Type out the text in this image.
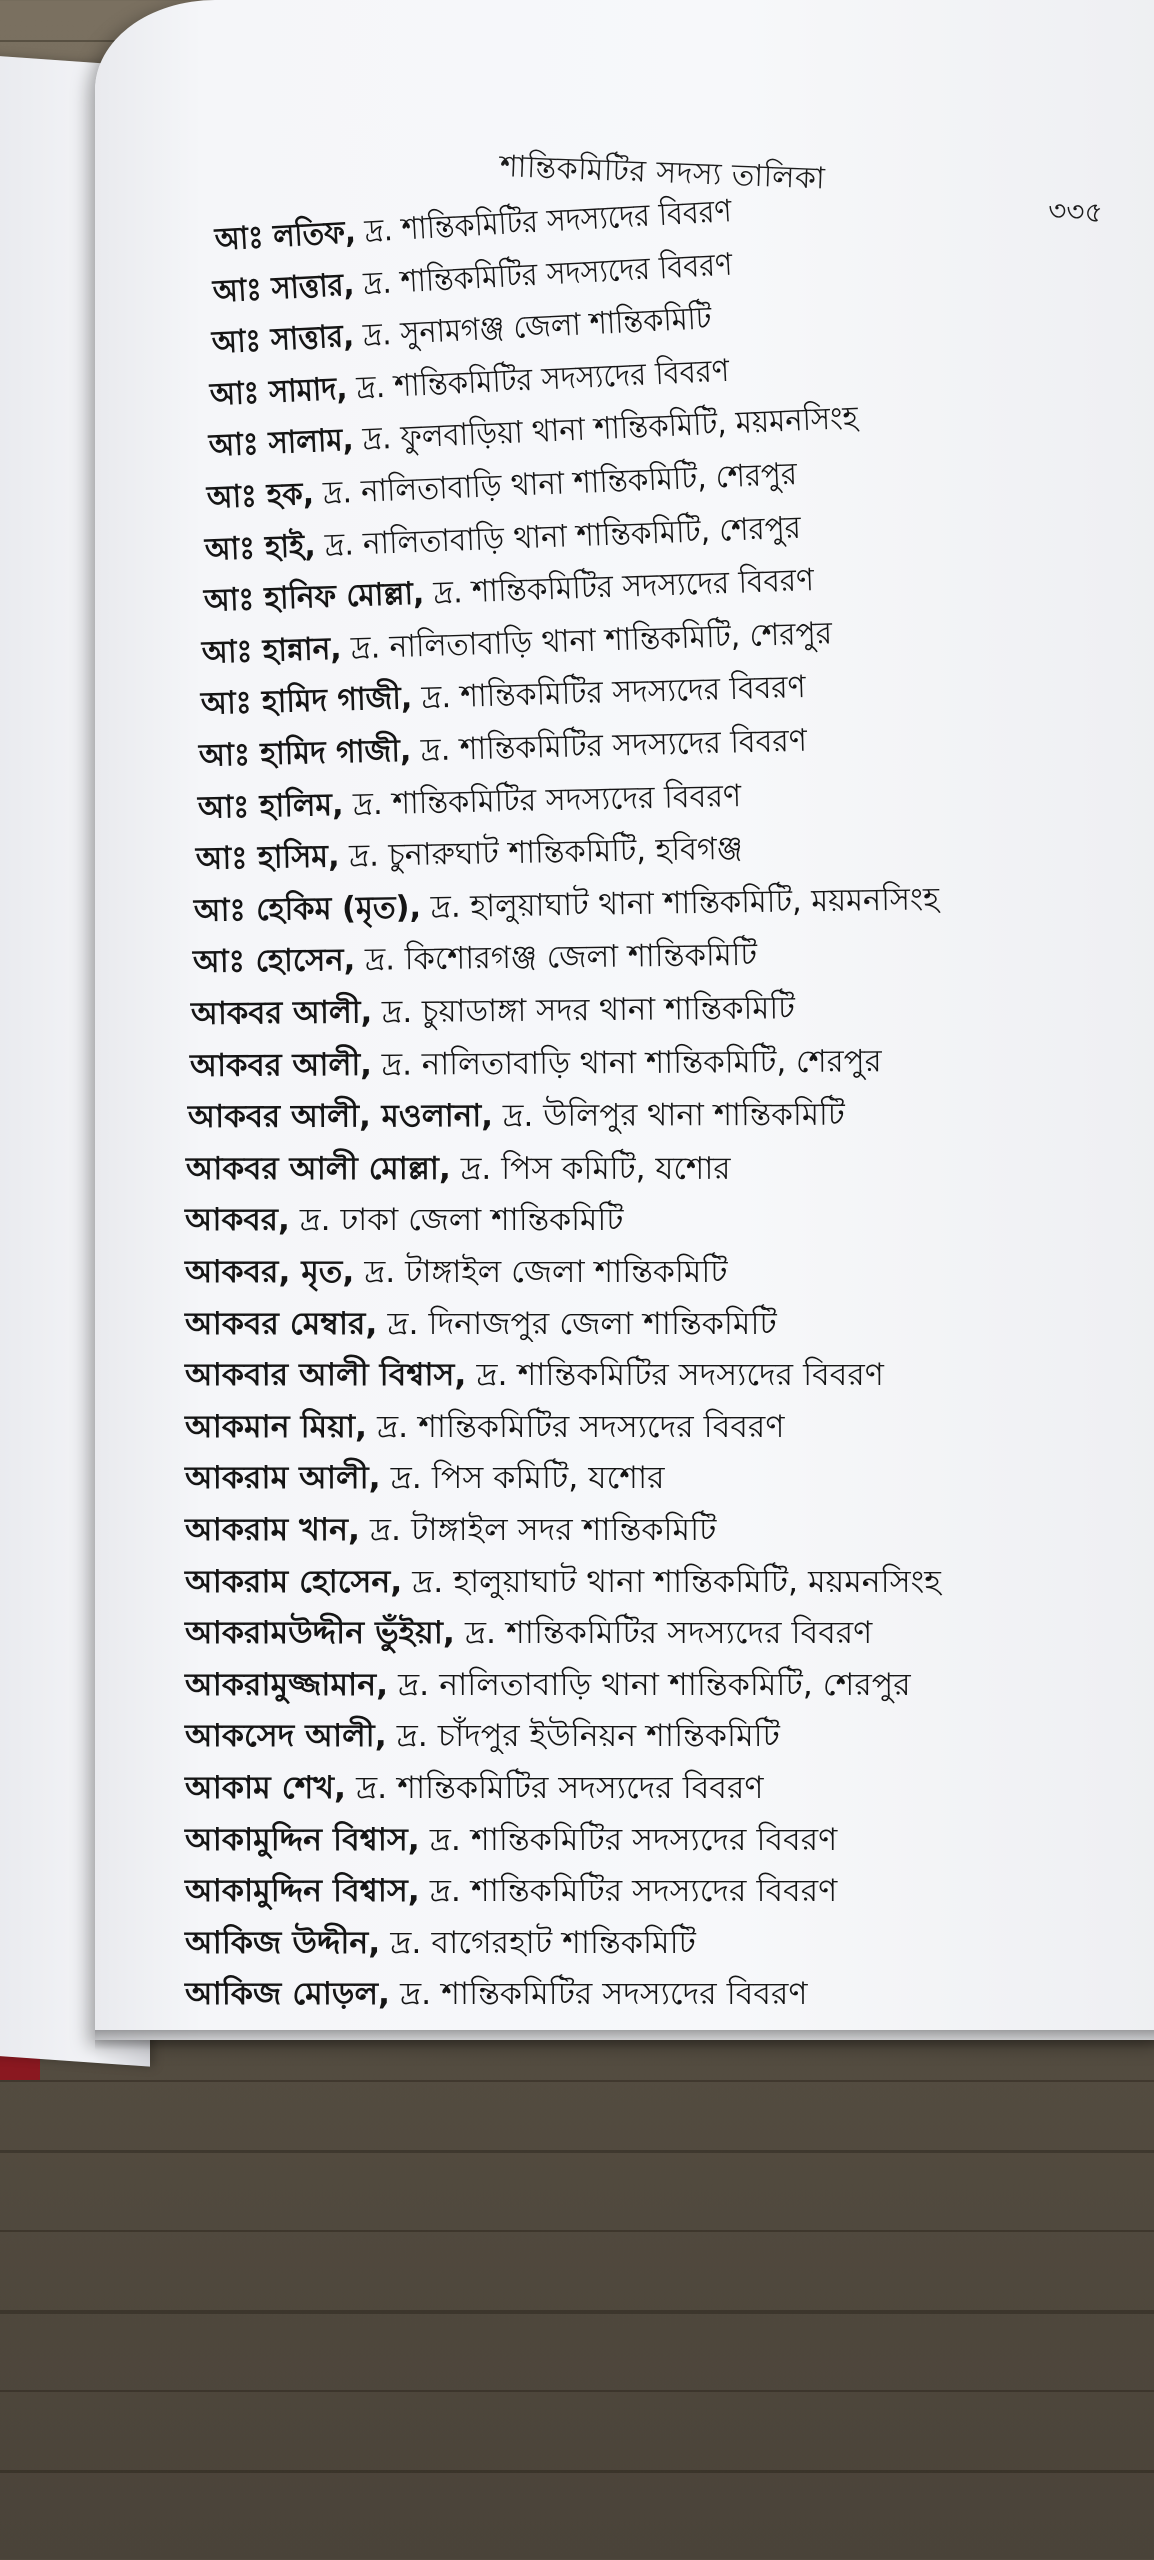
শান্তিকমিটির সদস্য তালিকা
৩৩৫
আঃ লতিফ, দ্র. শান্তিকমিটির সদস্যদের বিবরণ
আঃ সাত্তার, দ্র. শান্তিকমিটির সদস্যদের বিবরণ
আঃ সাত্তার, দ্র. সুনামগঞ্জ জেলা শান্তিকমিটি
আঃ সামাদ, দ্র. শান্তিকমিটির সদস্যদের বিবরণ
আঃ সালাম, দ্র. ফুলবাড়িয়া থানা শান্তিকমিটি, ময়মনসিংহ
আঃ হক, দ্র. নালিতাবাড়ি থানা শান্তিকমিটি, শেরপুর
আঃ হাই, দ্র. নালিতাবাড়ি থানা শান্তিকমিটি, শেরপুর
আঃ হানিফ মোল্লা, দ্র. শান্তিকমিটির সদস্যদের বিবরণ
আঃ হান্নান, দ্র. নালিতাবাড়ি থানা শান্তিকমিটি, শেরপুর
আঃ হামিদ গাজী, দ্র. শান্তিকমিটির সদস্যদের বিবরণ
আঃ হামিদ গাজী, দ্র. শান্তিকমিটির সদস্যদের বিবরণ
আঃ হালিম, দ্র. শান্তিকমিটির সদস্যদের বিবরণ
আঃ হাসিম, দ্র. চুনারুঘাট শান্তিকমিটি, হবিগঞ্জ
আঃ হেকিম (মৃত), দ্র. হালুয়াঘাট থানা শান্তিকমিটি, ময়মনসিংহ
আঃ হোসেন, দ্র. কিশোরগঞ্জ জেলা শান্তিকমিটি
আকবর আলী, দ্র. চুয়াডাঙ্গা সদর থানা শান্তিকমিটি
আকবর আলী, দ্র. নালিতাবাড়ি থানা শান্তিকমিটি, শেরপুর
আকবর আলী, মওলানা, দ্র. উলিপুর থানা শান্তিকমিটি
আকবর আলী মোল্লা, দ্র. পিস কমিটি, যশোর
আকবর, দ্র. ঢাকা জেলা শান্তিকমিটি
আকবর, মৃত, দ্র. টাঙ্গাইল জেলা শান্তিকমিটি
আকবর মেম্বার, দ্র. দিনাজপুর জেলা শান্তিকমিটি
আকবার আলী বিশ্বাস, দ্র. শান্তিকমিটির সদস্যদের বিবরণ
আকমান মিয়া, দ্র. শান্তিকমিটির সদস্যদের বিবরণ
আকরাম আলী, দ্র. পিস কমিটি, যশোর
আকরাম খান, দ্র. টাঙ্গাইল সদর শান্তিকমিটি
আকরাম হোসেন, দ্র. হালুয়াঘাট থানা শান্তিকমিটি, ময়মনসিংহ
আকরামউদ্দীন ভুঁইয়া, দ্র. শান্তিকমিটির সদস্যদের বিবরণ
আকরামুজ্জামান, দ্র. নালিতাবাড়ি থানা শান্তিকমিটি, শেরপুর
আকসেদ আলী, দ্র. চাঁদপুর ইউনিয়ন শান্তিকমিটি
আকাম শেখ, দ্র. শান্তিকমিটির সদস্যদের বিবরণ
আকামুদ্দিন বিশ্বাস, দ্র. শান্তিকমিটির সদস্যদের বিবরণ
আকামুদ্দিন বিশ্বাস, দ্র. শান্তিকমিটির সদস্যদের বিবরণ
আকিজ উদ্দীন, দ্র. বাগেরহাট শান্তিকমিটি
আকিজ মোড়ল, দ্র. শান্তিকমিটির সদস্যদের বিবরণ
